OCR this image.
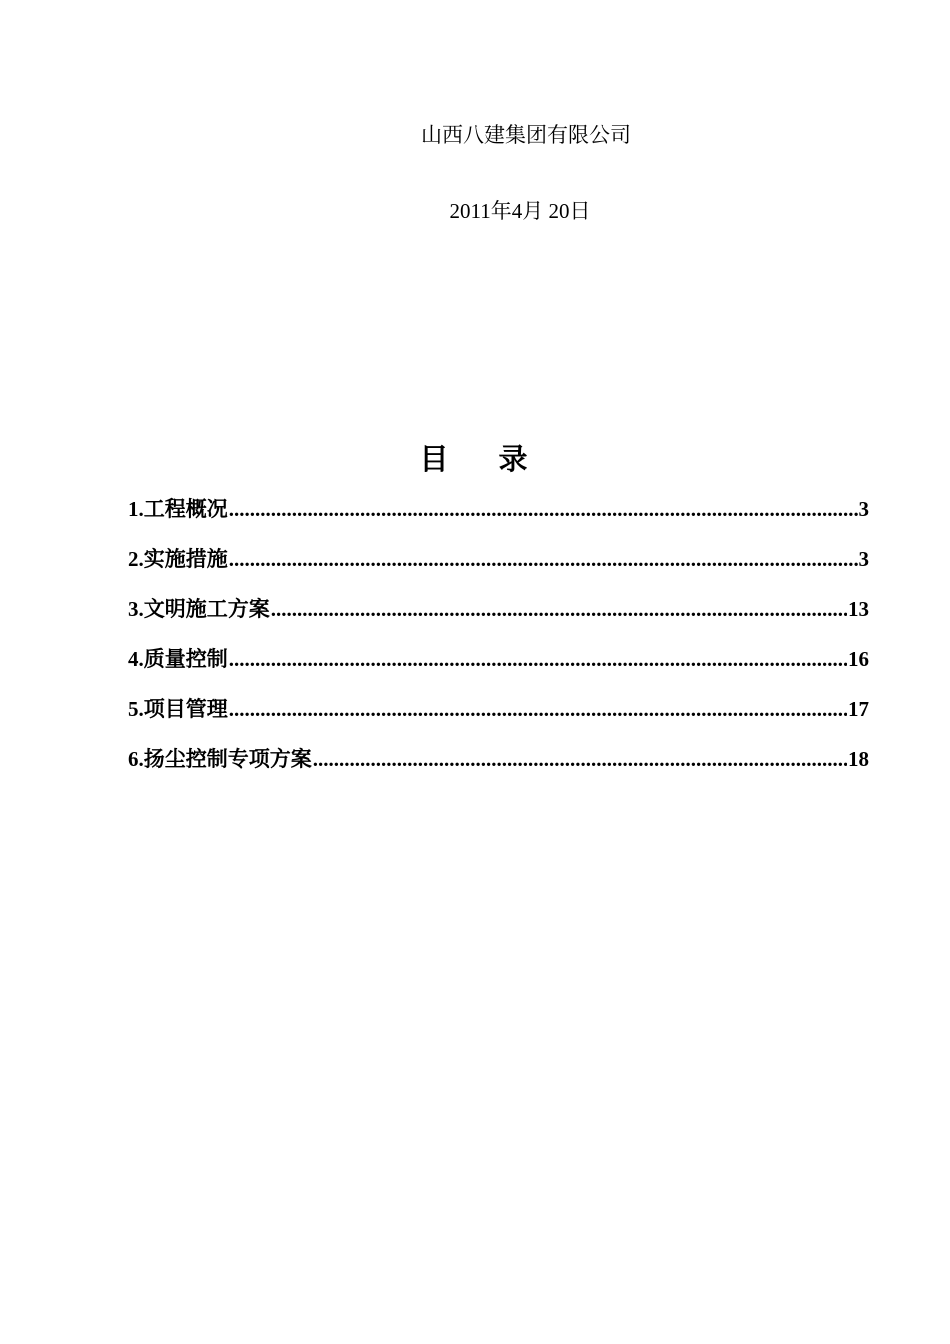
山西八建集团有限公司

2011年4月 20日

目录
1.工程概况 .....	3
2.实施措施 .....	3
3.文明施工方案 .....	13
4.质量控制 .....	16
5.项目管理 .....	17
6.扬尘控制专项方案 .....	18
